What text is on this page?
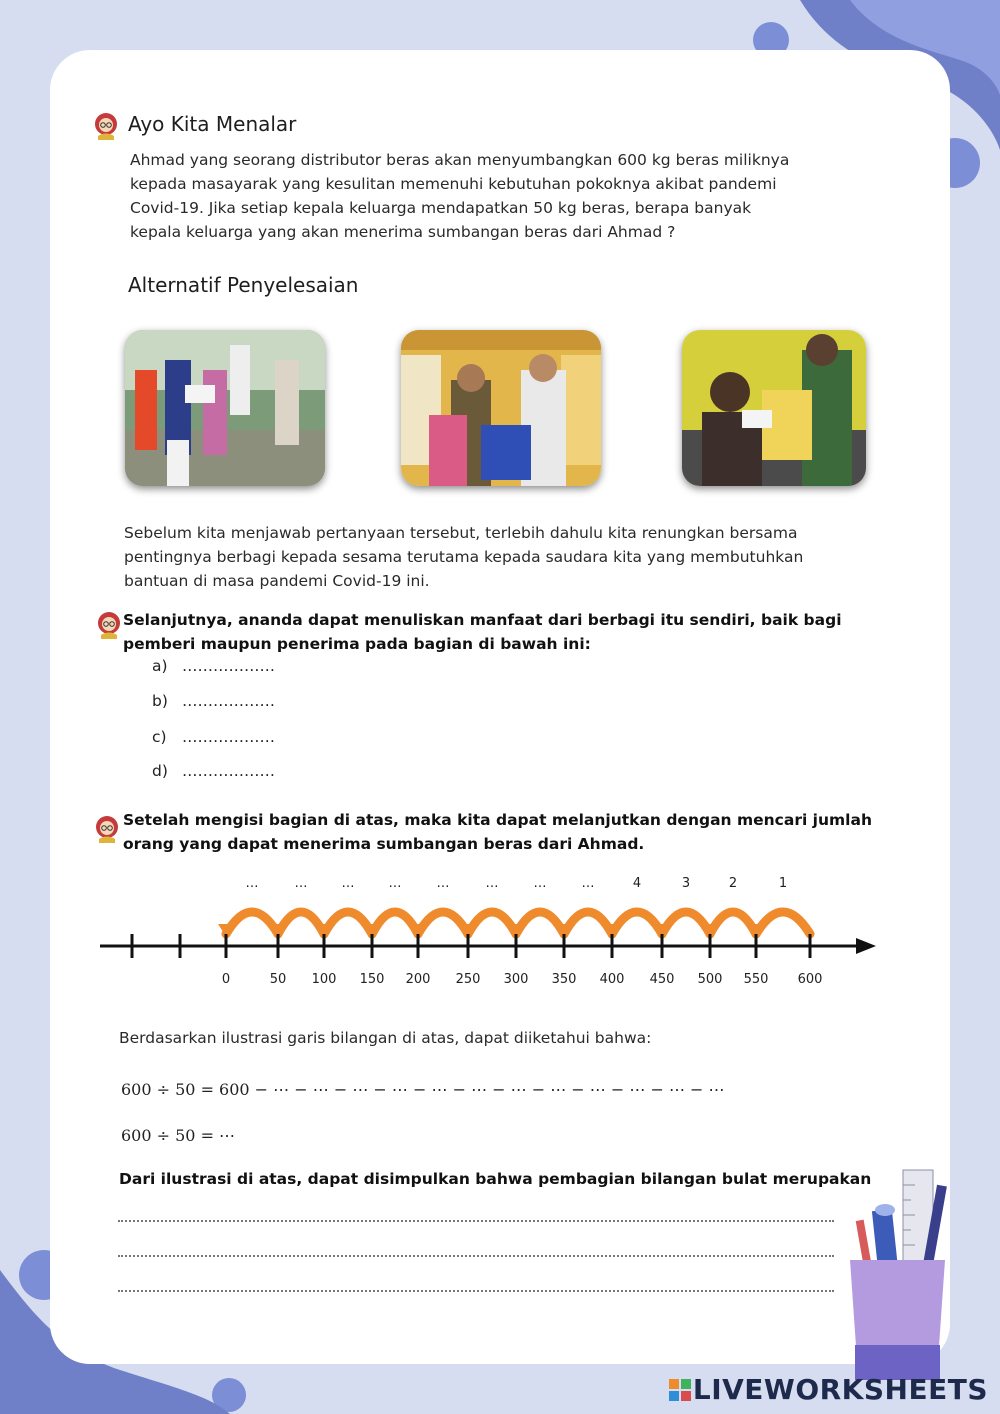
Ayo Kita Menalar
Ahmad yang seorang distributor beras akan menyumbangkan 600 kg beras miliknya
kepada masayarak yang kesulitan memenuhi kebutuhan pokoknya akibat pandemi
Covid-19. Jika setiap kepala keluarga mendapatkan 50 kg beras, berapa banyak
kepala keluarga yang akan menerima sumbangan beras dari Ahmad ?
Alternatif Penyelesaian
Sebelum kita menjawab pertanyaan tersebut, terlebih dahulu kita renungkan bersama
pentingnya berbagi kepada sesama terutama kepada saudara kita yang membutuhkan
bantuan di masa pandemi Covid-19 ini.
Selanjutnya, ananda dapat menuliskan manfaat dari berbagi itu sendiri, baik bagi
pemberi maupun penerima pada bagian di bawah ini:
a) ………………
b) ………………
c) ………………
d) ………………
Setelah mengisi bagian di atas, maka kita dapat melanjutkan dengan mencari jumlah
orang yang dapat menerima sumbangan beras dari Ahmad.
…	…	…	…	…	…	…	…	4	3	2	1
0	50	100	150	200	250	300	350	400	450	500	550	600
Berdasarkan ilustrasi garis bilangan di atas, dapat diiketahui bahwa:
600 ÷ 50 = 600 − ⋯ − ⋯ − ⋯ − ⋯ − ⋯ − ⋯ − ⋯ − ⋯ − ⋯ − ⋯ − ⋯ − ⋯
600 ÷ 50 = ⋯
Dari ilustrasi di atas, dapat disimpulkan bahwa pembagian bilangan bulat merupakan
LIVEWORKSHEETS
